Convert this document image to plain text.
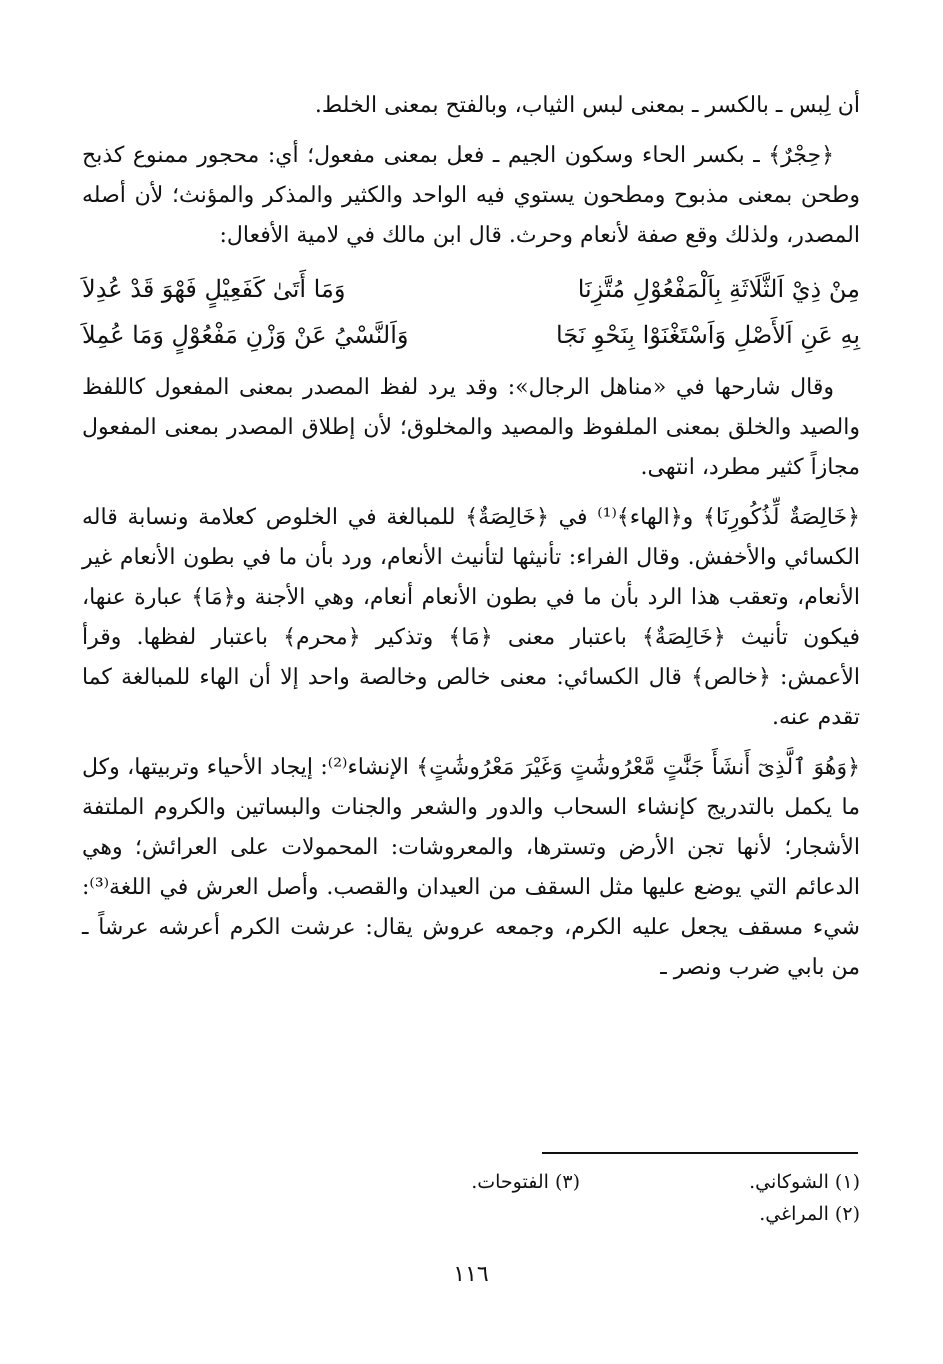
أن لِبس ـ بالكسر ـ بمعنى لبس الثياب، وبالفتح بمعنى الخلط.

﴿حِجْرٌ﴾ ـ بكسر الحاء وسكون الجيم ـ فعل بمعنى مفعول؛ أي: محجور ممنوع كذبح وطحن بمعنى مذبوح ومطحون يستوي فيه الواحد والكثير والمذكر والمؤنث؛ لأن أصله المصدر، ولذلك وقع صفة لأنعام وحرث. قال ابن مالك في لامية الأفعال:

مِنْ ذِيْ اَلثَّلَاثَةِ بِاَلْمَفْعُوْلِ مُتَّزِنَا
وَمَا أَتَىٰ كَفَعِيْلٍ فَهْوَ قَدْ عُدِلاَ
بِهِ عَنِ اَلأَصْلِ وَاَسْتَغْنَوْا بِنَحْوِ نَجَا
وَاَلنَّسْيُ عَنْ وَزْنِ مَفْعُوْلٍ وَمَا عُمِلاَ

وقال شارحها في «مناهل الرجال»: وقد يرد لفظ المصدر بمعنى المفعول كاللفظ والصيد والخلق بمعنى الملفوظ والمصيد والمخلوق؛ لأن إطلاق المصدر بمعنى المفعول مجازاً كثير مطرد، انتهى.

﴿خَالِصَةٌ لِّذُكُورِنَا﴾ و﴿الهاء﴾⁽¹⁾ في ﴿خَالِصَةٌ﴾ للمبالغة في الخلوص كعلامة ونسابة قاله الكسائي والأخفش. وقال الفراء: تأنيثها لتأنيث الأنعام، ورد بأن ما في بطون الأنعام غير الأنعام، وتعقب هذا الرد بأن ما في بطون الأنعام أنعام، وهي الأجنة و﴿مَا﴾ عبارة عنها، فيكون تأنيث ﴿خَالِصَةٌ﴾ باعتبار معنى ﴿مَا﴾ وتذكير ﴿محرم﴾ باعتبار لفظها. وقرأ الأعمش: ﴿خالص﴾ قال الكسائي: معنى خالص وخالصة واحد إلا أن الهاء للمبالغة كما تقدم عنه.

﴿وَهُوَ ٱلَّذِىٓ أَنشَأَ جَنَّٰتٍ مَّعْرُوشَٰتٍ وَغَيْرَ مَعْرُوشَٰتٍ﴾ الإنشاء⁽²⁾: إيجاد الأحياء وتربيتها، وكل ما يكمل بالتدريج كإنشاء السحاب والدور والشعر والجنات والبساتين والكروم الملتفة الأشجار؛ لأنها تجن الأرض وتسترها، والمعروشات: المحمولات على العرائش؛ وهي الدعائم التي يوضع عليها مثل السقف من العيدان والقصب. وأصل العرش في اللغة⁽³⁾: شيء مسقف يجعل عليه الكرم، وجمعه عروش يقال: عرشت الكرم أعرشه عرشاً ـ من بابي ضرب ونصر ـ

(١) الشوكاني.
(٣) الفتوحات.
(٢) المراغي.
١١٦
